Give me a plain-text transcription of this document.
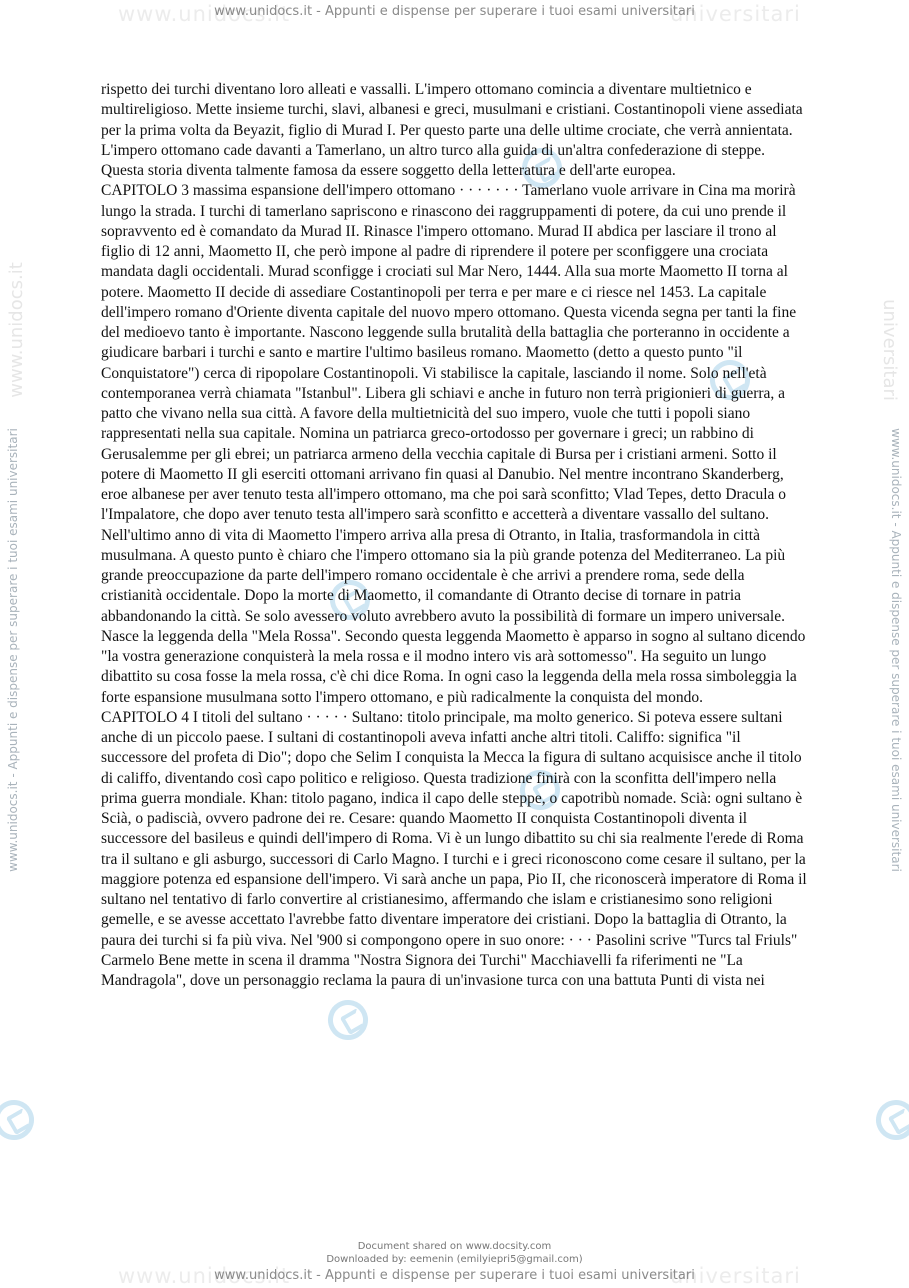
www.unidocs.it	universitari
www.unidocs.it	universitari
www.unidocs.it - Appunti e dispense per superare i tuoi esami universitari
www.unidocs.it - Appunti e dispense per superare i tuoi esami universitari
www.unidocs.it	universitari
www.unidocs.it - Appunti e dispense per superare i tuoi esami universitari	www.unidocs.it - Appunti e dispense per superare i tuoi esami universitari

rispetto dei turchi diventano loro alleati e vassalli. L'impero ottomano comincia a diventare multietnico e multireligioso. Mette insieme turchi, slavi, albanesi e greci, musulmani e cristiani. Costantinopoli viene assediata per la prima volta da Beyazit, figlio di Murad I. Per questo parte una delle ultime crociate, che verrà annientata. L'impero ottomano cade davanti a Tamerlano, un altro turco alla guida di un'altra confederazione di steppe. Questa storia diventa talmente famosa da essere soggetto della letteratura e dell'arte europea.

CAPITOLO 3 massima espansione dell'impero ottomano · · · · · · · Tamerlano vuole arrivare in Cina ma morirà lungo la strada. I turchi di tamerlano sapriscono e rinascono dei raggruppamenti di potere, da cui uno prende il sopravvento ed è comandato da Murad II. Rinasce l'impero ottomano. Murad II abdica per lasciare il trono al figlio di 12 anni, Maometto II, che però impone al padre di riprendere il potere per sconfiggere una crociata mandata dagli occidentali. Murad sconfigge i crociati sul Mar Nero, 1444. Alla sua morte Maometto II torna al potere. Maometto II decide di assediare Costantinopoli per terra e per mare e ci riesce nel 1453. La capitale dell'impero romano d'Oriente diventa capitale del nuovo mpero ottomano. Questa vicenda segna per tanti la fine del medioevo tanto è importante. Nascono leggende sulla brutalità della battaglia che porteranno in occidente a giudicare barbari i turchi e santo e martire l'ultimo basileus romano. Maometto (detto a questo punto "il Conquistatore") cerca di ripopolare Costantinopoli. Vi stabilisce la capitale, lasciando il nome. Solo nell'età contemporanea verrà chiamata "Istanbul". Libera gli schiavi e anche in futuro non terrà prigionieri di guerra, a patto che vivano nella sua città. A favore della multietnicità del suo impero, vuole che tutti i popoli siano rappresentati nella sua capitale. Nomina un patriarca greco-ortodosso per governare i greci; un rabbino di Gerusalemme per gli ebrei; un patriarca armeno della vecchia capitale di Bursa per i cristiani armeni. Sotto il potere di Maometto II gli eserciti ottomani arrivano fin quasi al Danubio. Nel mentre incontrano Skanderberg, eroe albanese per aver tenuto testa all'impero ottomano, ma che poi sarà sconfitto; Vlad Tepes, detto Dracula o l'Impalatore, che dopo aver tenuto testa all'impero sarà sconfitto e accetterà a diventare vassallo del sultano. Nell'ultimo anno di vita di Maometto l'impero arriva alla presa di Otranto, in Italia, trasformandola in città musulmana. A questo punto è chiaro che l'impero ottomano sia la più grande potenza del Mediterraneo. La più grande preoccupazione da parte dell'impero romano occidentale è che arrivi a prendere roma, sede della cristianità occidentale. Dopo la morte di Maometto, il comandante di Otranto decise di tornare in patria abbandonando la città. Se solo avessero voluto avrebbero avuto la possibilità di formare un impero universale. Nasce la leggenda della "Mela Rossa". Secondo questa leggenda Maometto è apparso in sogno al sultano dicendo "la vostra generazione conquisterà la mela rossa e il modno intero vis arà sottomesso". Ha seguito un lungo dibattito su cosa fosse la mela rossa, c'è chi dice Roma. In ogni caso la leggenda della mela rossa simboleggia la forte espansione musulmana sotto l'impero ottomano, e più radicalmente la conquista del mondo.

CAPITOLO 4 I titoli del sultano · · · · · Sultano: titolo principale, ma molto generico. Si poteva essere sultani anche di un piccolo paese. I sultani di costantinopoli aveva infatti anche altri titoli. Califfo: significa "il successore del profeta di Dio"; dopo che Selim I conquista la Mecca la figura di sultano acquisisce anche il titolo di califfo, diventando così capo politico e religioso. Questa tradizione finirà con la sconfitta dell'impero nella prima guerra mondiale. Khan: titolo pagano, indica il capo delle steppe, o capotribù nomade. Scià: ogni sultano è Scià, o padiscià, ovvero padrone dei re. Cesare: quando Maometto II conquista Costantinopoli diventa il successore del basileus e quindi dell'impero di Roma. Vi è un lungo dibattito su chi sia realmente l'erede di Roma tra il sultano e gli asburgo, successori di Carlo Magno. I turchi e i greci riconoscono come cesare il sultano, per la maggiore potenza ed espansione dell'impero. Vi sarà anche un papa, Pio II, che riconoscerà imperatore di Roma il sultano nel tentativo di farlo convertire al cristianesimo, affermando che islam e cristianesimo sono religioni gemelle, e se avesse accettato l'avrebbe fatto diventare imperatore dei cristiani. Dopo la battaglia di Otranto, la paura dei turchi si fa più viva. Nel '900 si compongono opere in suo onore: · · · Pasolini scrive "Turcs tal Friuls" Carmelo Bene mette in scena il dramma "Nostra Signora dei Turchi" Macchiavelli fa riferimenti ne "La Mandragola", dove un personaggio reclama la paura di un'invasione turca con una battuta Punti di vista nei

Document shared on www.docsity.com
Downloaded by: eemenin (emilyiepri5@gmail.com)
